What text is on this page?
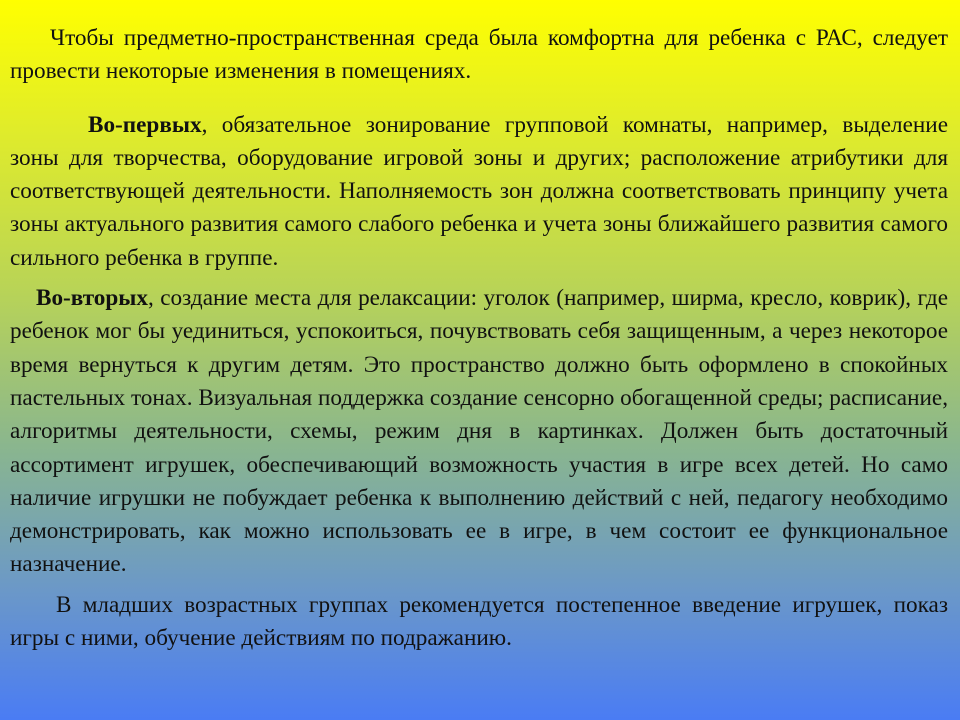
Чтобы предметно-пространственная среда была комфортна для ребенка с РАС, следует провести некоторые изменения в помещениях.

Во-первых, обязательное зонирование групповой комнаты, например, выделение зоны для творчества, оборудование игровой зоны и других; расположение атрибутики для соответствующей деятельности. Наполняемость зон должна соответствовать принципу учета зоны актуального развития самого слабого ребенка и учета зоны ближайшего развития самого сильного ребенка в группе.

Во-вторых, создание места для релаксации: уголок (например, ширма, кресло, коврик), где ребенок мог бы уединиться, успокоиться, почувствовать себя защищенным, а через некоторое время вернуться к другим детям. Это пространство должно быть оформлено в спокойных пастельных тонах. Визуальная поддержка создание сенсорно обогащенной среды; расписание, алгоритмы деятельности, схемы, режим дня в картинках. Должен быть достаточный ассортимент игрушек, обеспечивающий возможность участия в игре всех детей. Но само наличие игрушки не побуждает ребенка к выполнению действий с ней, педагогу необходимо демонстрировать, как можно использовать ее в игре, в чем состоит ее функциональное назначение.

В младших возрастных группах рекомендуется постепенное введение игрушек, показ игры с ними, обучение действиям по подражанию.
